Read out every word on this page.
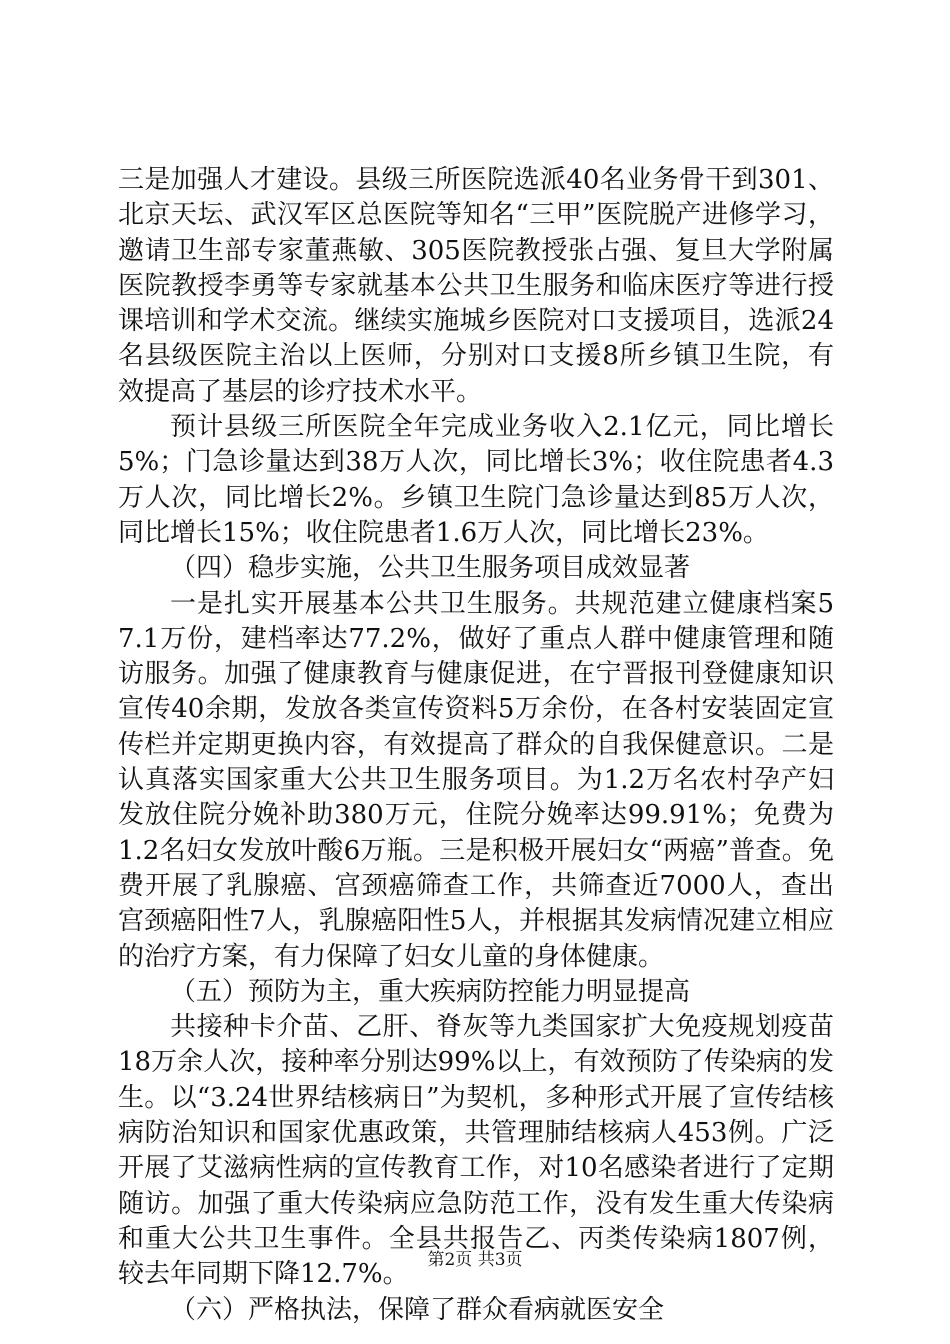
三是加强人才建设。县级三所医院选派40名业务骨干到301、北京天坛、武汉军区总医院等知名“三甲”医院脱产进修学习，邀请卫生部专家董燕敏、305医院教授张占强、复旦大学附属医院教授李勇等专家就基本公共卫生服务和临床医疗等进行授课培训和学术交流。继续实施城乡医院对口支援项目，选派24名县级医院主治以上医师，分别对口支援8所乡镇卫生院，有效提高了基层的诊疗技术水平。

预计县级三所医院全年完成业务收入2.1亿元，同比增长5%；门急诊量达到38万人次，同比增长3%；收住院患者4.3万人次，同比增长2%。乡镇卫生院门急诊量达到85万人次，同比增长15%；收住院患者1.6万人次，同比增长23%。

（四）稳步实施，公共卫生服务项目成效显著

一是扎实开展基本公共卫生服务。共规范建立健康档案57.1万份，建档率达77.2%，做好了重点人群中健康管理和随访服务。加强了健康教育与健康促进，在宁晋报刊登健康知识宣传40余期，发放各类宣传资料5万余份，在各村安装固定宣传栏并定期更换内容，有效提高了群众的自我保健意识。二是认真落实国家重大公共卫生服务项目。为1.2万名农村孕产妇发放住院分娩补助380万元，住院分娩率达99.91%；免费为1.2名妇女发放叶酸6万瓶。三是积极开展妇女“两癌”普查。免费开展了乳腺癌、宫颈癌筛查工作，共筛查近7000人，查出宫颈癌阳性7人，乳腺癌阳性5人，并根据其发病情况建立相应的治疗方案，有力保障了妇女儿童的身体健康。

（五）预防为主，重大疾病防控能力明显提高

共接种卡介苗、乙肝、脊灰等九类国家扩大免疫规划疫苗18万余人次，接种率分别达99%以上，有效预防了传染病的发生。以“3.24世界结核病日”为契机，多种形式开展了宣传结核病防治知识和国家优惠政策，共管理肺结核病人453例。广泛开展了艾滋病性病的宣传教育工作，对10名感染者进行了定期随访。加强了重大传染病应急防范工作，没有发生重大传染病和重大公共卫生事件。全县共报告乙、丙类传染病1807例，较去年同期下降12.7%。

（六）严格执法，保障了群众看病就医安全

第2页 共3页
